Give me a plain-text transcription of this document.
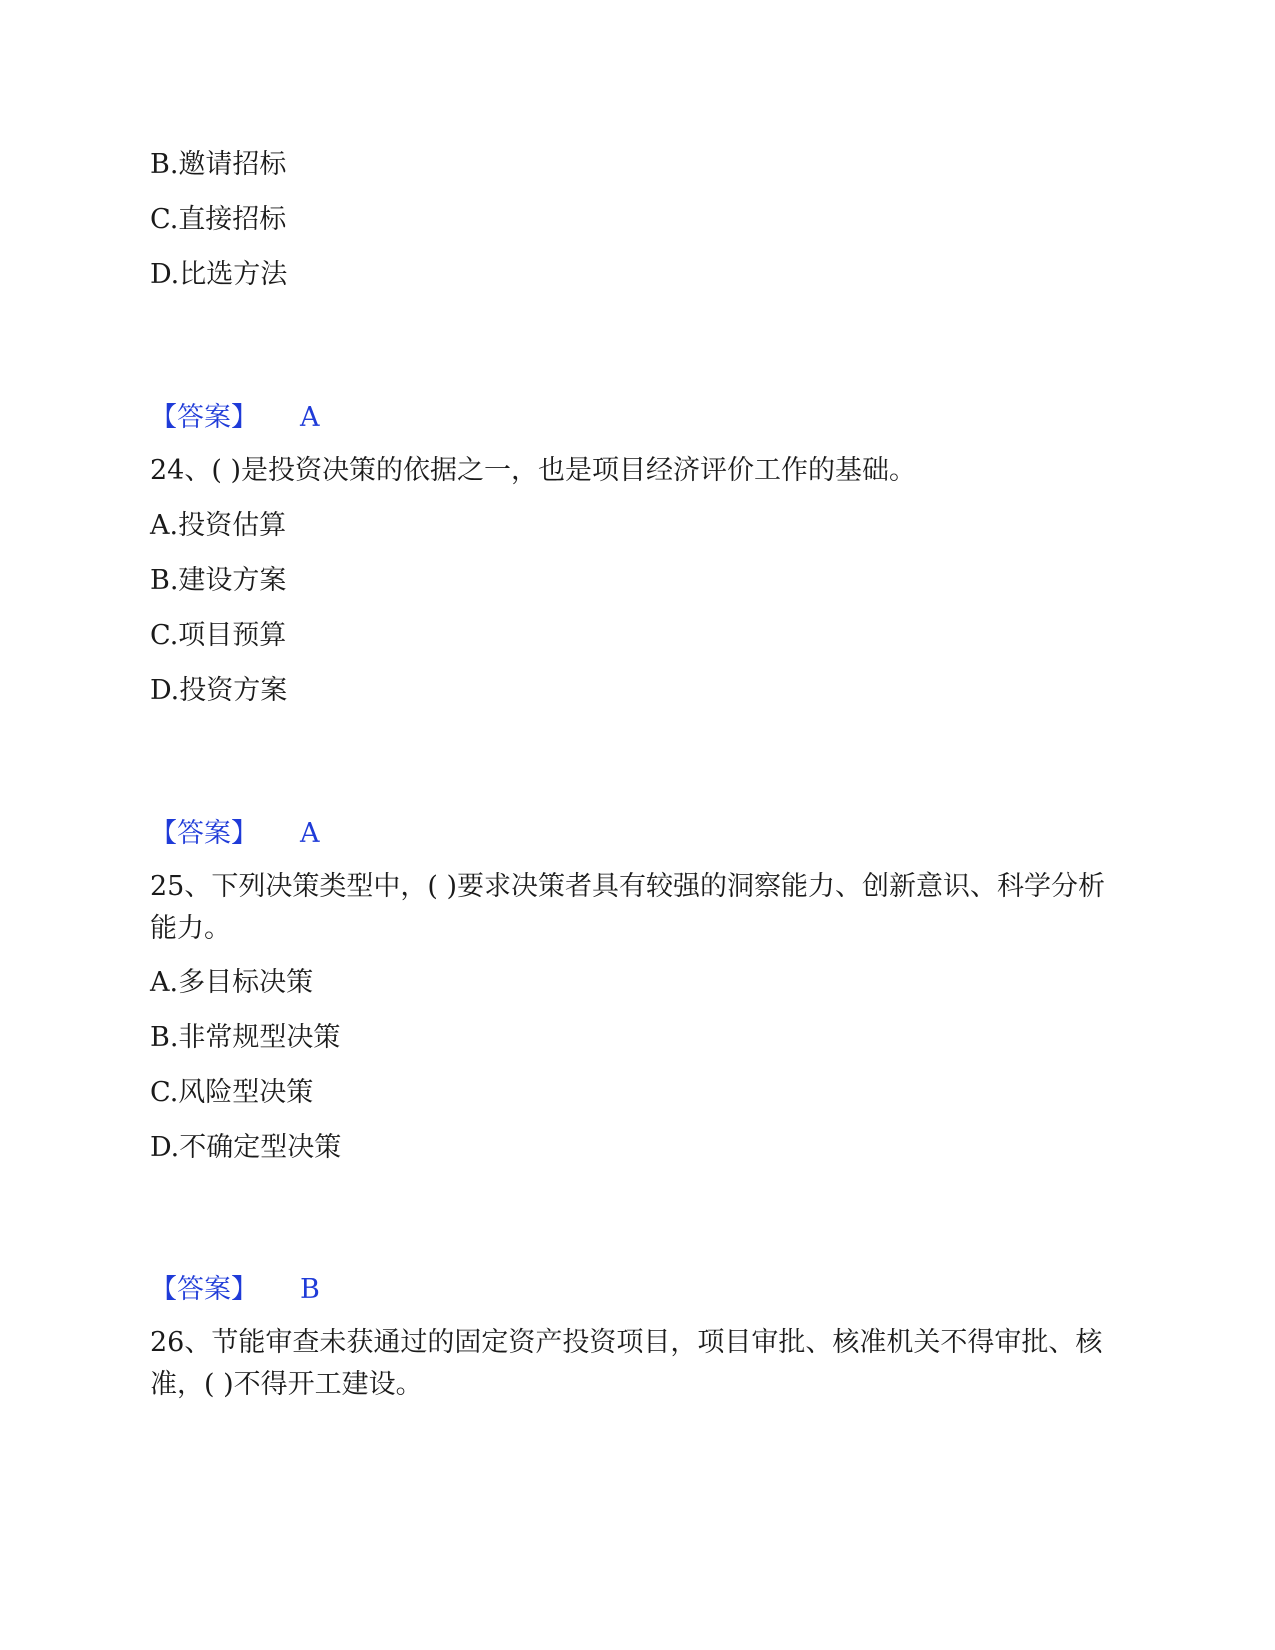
B.邀请招标

C.直接招标

D.比选方法

【答案】 A

24、( )是投资决策的依据之一，也是项目经济评价工作的基础。

A.投资估算

B.建设方案

C.项目预算

D.投资方案

【答案】 A

25、下列决策类型中，( )要求决策者具有较强的洞察能力、创新意识、科学分析能力。

A.多目标决策

B.非常规型决策

C.风险型决策

D.不确定型决策

【答案】 B

26、节能审查未获通过的固定资产投资项目，项目审批、核准机关不得审批、核准，( )不得开工建设。
